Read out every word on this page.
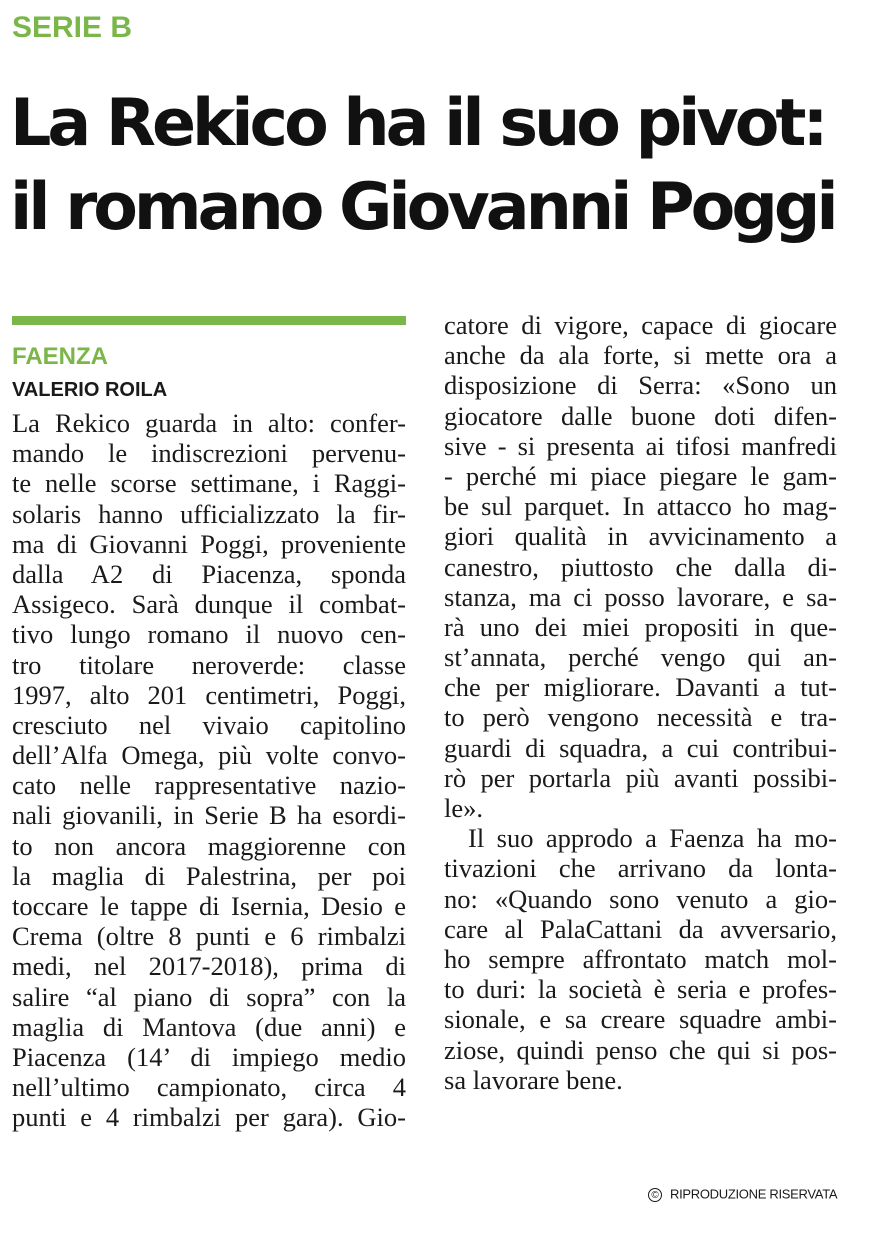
SERIE B
La Rekico ha il suo pivot:
il romano Giovanni Poggi
FAENZA
VALERIO ROILA
La Rekico guarda in alto: confer-
mando le indiscrezioni pervenu-
te nelle scorse settimane, i Raggi-
solaris hanno ufficializzato la fir-
ma di Giovanni Poggi, proveniente
dalla A2 di Piacenza, sponda
Assigeco. Sarà dunque il combat-
tivo lungo romano il nuovo cen-
tro titolare neroverde: classe
1997, alto 201 centimetri, Poggi,
cresciuto nel vivaio capitolino
dell’Alfa Omega, più volte convo-
cato nelle rappresentative nazio-
nali giovanili, in Serie B ha esordi-
to non ancora maggiorenne con
la maglia di Palestrina, per poi
toccare le tappe di Isernia, Desio e
Crema (oltre 8 punti e 6 rimbalzi
medi, nel 2017-2018), prima di
salire “al piano di sopra” con la
maglia di Mantova (due anni) e
Piacenza (14’ di impiego medio
nell’ultimo campionato, circa 4
punti e 4 rimbalzi per gara). Gio-
catore di vigore, capace di giocare
anche da ala forte, si mette ora a
disposizione di Serra: «Sono un
giocatore dalle buone doti difen-
sive - si presenta ai tifosi manfredi
- perché mi piace piegare le gam-
be sul parquet. In attacco ho mag-
giori qualità in avvicinamento a
canestro, piuttosto che dalla di-
stanza, ma ci posso lavorare, e sa-
rà uno dei miei propositi in que-
st’annata, perché vengo qui an-
che per migliorare. Davanti a tut-
to però vengono necessità e tra-
guardi di squadra, a cui contribui-
rò per portarla più avanti possibi-
le».
Il suo approdo a Faenza ha mo-
tivazioni che arrivano da lonta-
no: «Quando sono venuto a gio-
care al PalaCattani da avversario,
ho sempre affrontato match mol-
to duri: la società è seria e profes-
sionale, e sa creare squadre ambi-
ziose, quindi penso che qui si pos-
sa lavorare bene.
© RIPRODUZIONE RISERVATA
